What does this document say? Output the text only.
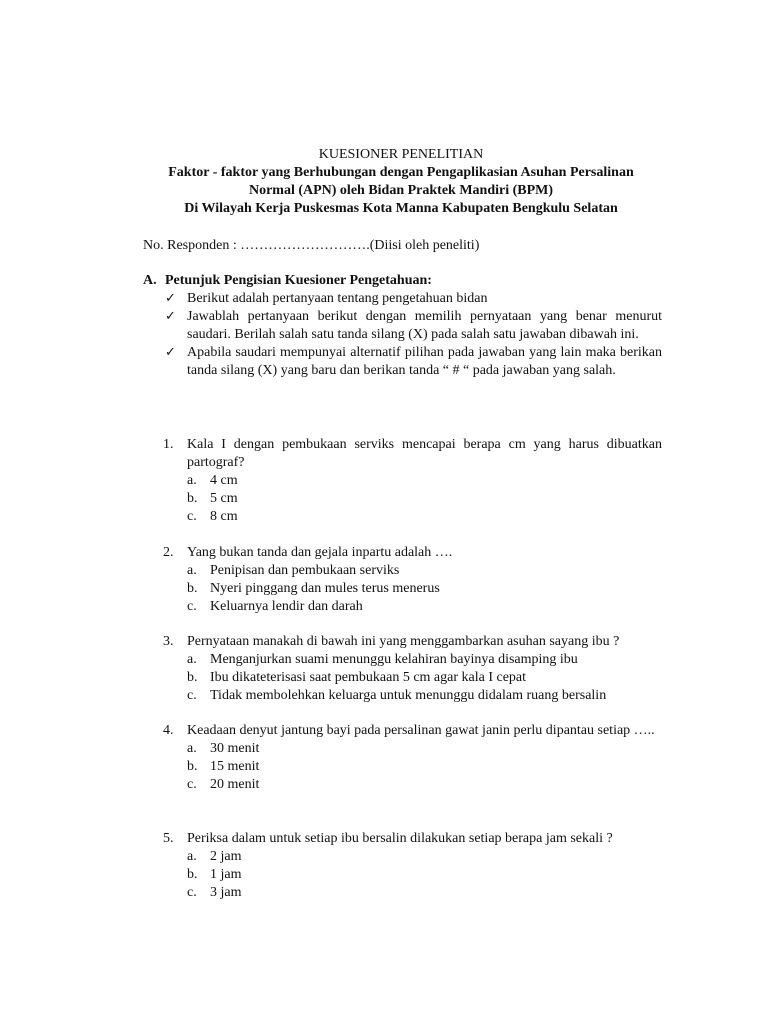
KUESIONER PENELITIAN
Faktor - faktor yang Berhubungan dengan Pengaplikasian Asuhan Persalinan
Normal (APN) oleh Bidan Praktek Mandiri (BPM)
Di Wilayah Kerja Puskesmas Kota Manna Kabupaten Bengkulu Selatan
No. Responden : ……………………….(Diisi oleh peneliti)
A. Petunjuk Pengisian Kuesioner Pengetahuan:

✓ Berikut adalah pertanyaan tentang pengetahuan bidan

✓ Jawablah pertanyaan berikut dengan memilih pernyataan yang benar menurut saudari. Berilah salah satu tanda silang (X) pada salah satu jawaban dibawah ini.

✓ Apabila saudari mempunyai alternatif pilihan pada jawaban yang lain maka berikan tanda silang (X) yang baru dan berikan tanda “ # “ pada jawaban yang salah.

1. Kala I dengan pembukaan serviks mencapai berapa cm yang harus dibuatkan partograf?
a. 4 cm
b. 5 cm
c. 8 cm
2. Yang bukan tanda dan gejala inpartu adalah ….
a. Penipisan dan pembukaan serviks
b. Nyeri pinggang dan mules terus menerus
c. Keluarnya lendir dan darah
3. Pernyataan manakah di bawah ini yang menggambarkan asuhan sayang ibu ?
a. Menganjurkan suami menunggu kelahiran bayinya disamping ibu
b. Ibu dikateterisasi saat pembukaan 5 cm agar kala I cepat
c. Tidak membolehkan keluarga untuk menunggu didalam ruang bersalin
4. Keadaan denyut jantung bayi pada persalinan gawat janin perlu dipantau setiap …..
a. 30 menit
b. 15 menit
c. 20 menit
5. Periksa dalam untuk setiap ibu bersalin dilakukan setiap berapa jam sekali ?
a. 2 jam
b. 1 jam
c. 3 jam
